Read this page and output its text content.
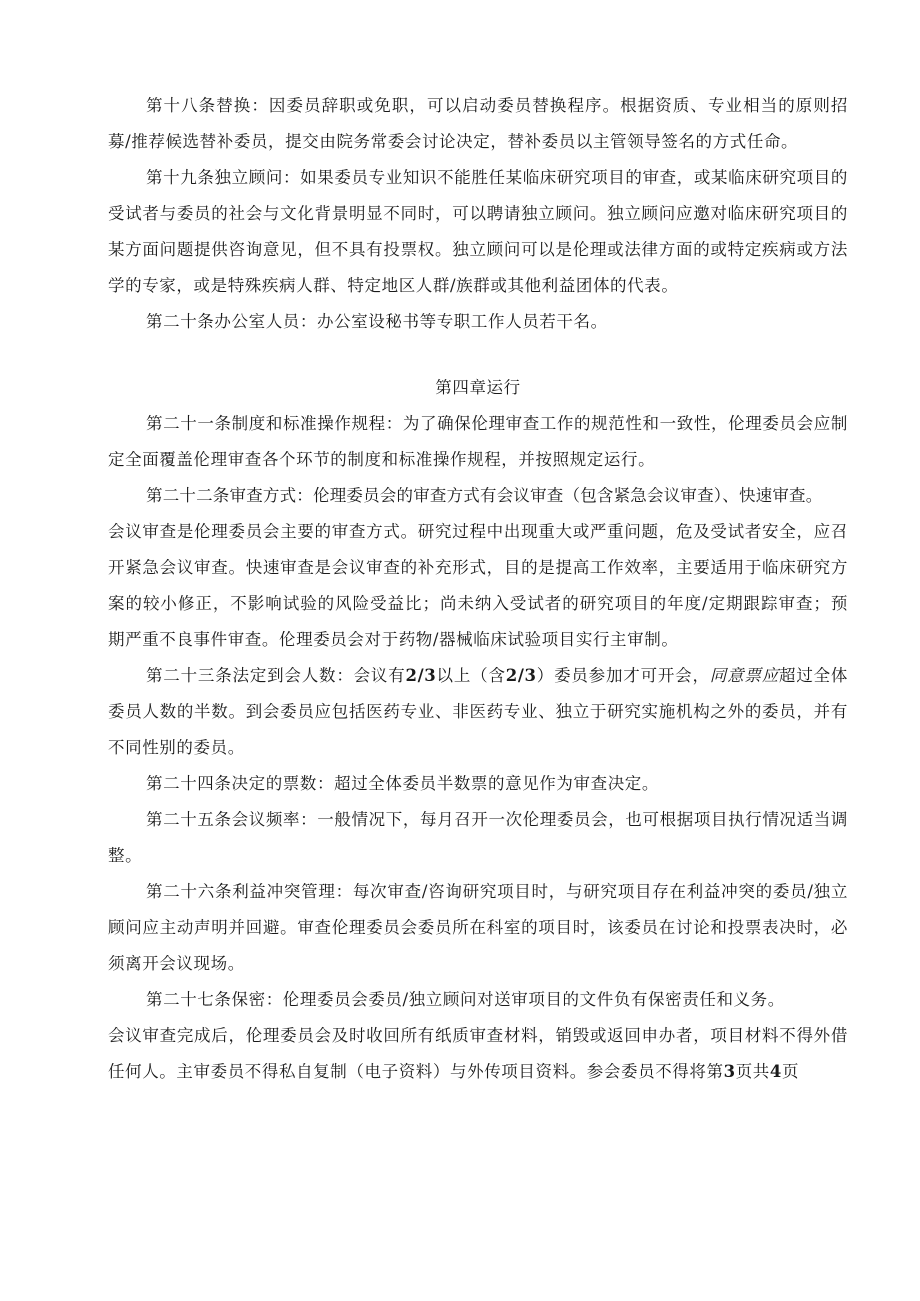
第十八条替换：因委员辞职或免职，可以启动委员替换程序。根据资质、专业相当的原则招募/推荐候选替补委员，提交由院务常委会讨论决定，替补委员以主管领导签名的方式任命。

第十九条独立顾问：如果委员专业知识不能胜任某临床研究项目的审查，或某临床研究项目的受试者与委员的社会与文化背景明显不同时，可以聘请独立顾问。独立顾问应邀对临床研究项目的某方面问题提供咨询意见，但不具有投票权。独立顾问可以是伦理或法律方面的或特定疾病或方法学的专家，或是特殊疾病人群、特定地区人群/族群或其他利益团体的代表。

第二十条办公室人员：办公室设秘书等专职工作人员若干名。

第四章运行

第二十一条制度和标准操作规程：为了确保伦理审查工作的规范性和一致性，伦理委员会应制定全面覆盖伦理审查各个环节的制度和标准操作规程，并按照规定运行。

第二十二条审查方式：伦理委员会的审查方式有会议审查（包含紧急会议审查）、快速审查。

会议审查是伦理委员会主要的审查方式。研究过程中出现重大或严重问题，危及受试者安全，应召开紧急会议审查。快速审查是会议审查的补充形式，目的是提高工作效率，主要适用于临床研究方案的较小修正，不影响试验的风险受益比；尚未纳入受试者的研究项目的年度/定期跟踪审查；预期严重不良事件审查。伦理委员会对于药物/器械临床试验项目实行主审制。

第二十三条法定到会人数：会议有2/3以上（含2/3）委员参加才可开会，同意票应超过全体委员人数的半数。到会委员应包括医药专业、非医药专业、独立于研究实施机构之外的委员，并有不同性别的委员。

第二十四条决定的票数：超过全体委员半数票的意见作为审查决定。

第二十五条会议频率：一般情况下，每月召开一次伦理委员会，也可根据项目执行情况适当调整。

第二十六条利益冲突管理：每次审查/咨询研究项目时，与研究项目存在利益冲突的委员/独立顾问应主动声明并回避。审查伦理委员会委员所在科室的项目时，该委员在讨论和投票表决时，必须离开会议现场。

第二十七条保密：伦理委员会委员/独立顾问对送审项目的文件负有保密责任和义务。

会议审查完成后，伦理委员会及时收回所有纸质审查材料，销毁或返回申办者，项目材料不得外借任何人。主审委员不得私自复制（电子资料）与外传项目资料。参会委员不得将第3页共4页
